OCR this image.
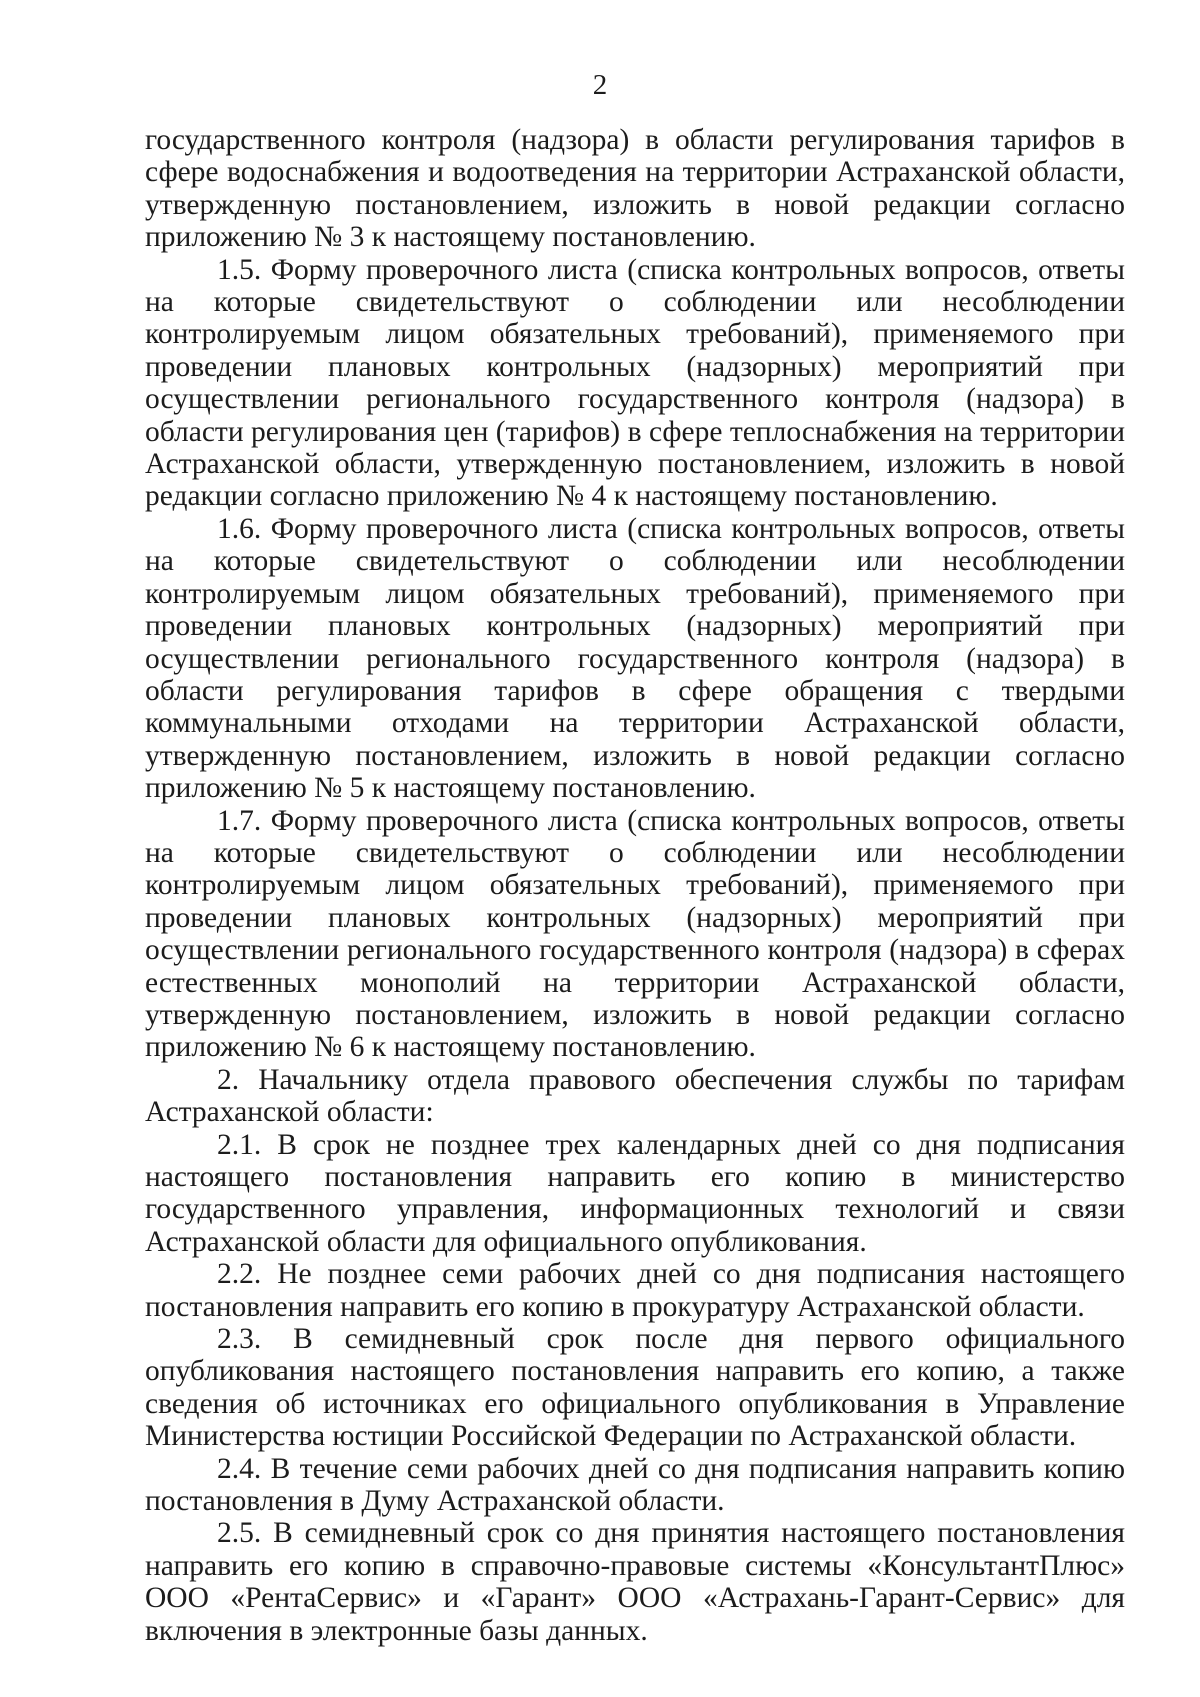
2

государственного контроля (надзора) в области регулирования тарифов в сфере водоснабжения и водоотведения на территории Астраханской области, утвержденную постановлением, изложить в новой редакции согласно приложению № 3 к настоящему постановлению.

1.5. Форму проверочного листа (списка контрольных вопросов, ответы на которые свидетельствуют о соблюдении или несоблюдении контролируемым лицом обязательных требований), применяемого при проведении плановых контрольных (надзорных) мероприятий при осуществлении регионального государственного контроля (надзора) в области регулирования цен (тарифов) в сфере теплоснабжения на территории Астраханской области, утвержденную постановлением, изложить в новой редакции согласно приложению № 4 к настоящему постановлению.

1.6. Форму проверочного листа (списка контрольных вопросов, ответы на которые свидетельствуют о соблюдении или несоблюдении контролируемым лицом обязательных требований), применяемого при проведении плановых контрольных (надзорных) мероприятий при осуществлении регионального государственного контроля (надзора) в области регулирования тарифов в сфере обращения с твердыми коммунальными отходами на территории Астраханской области, утвержденную постановлением, изложить в новой редакции согласно приложению № 5 к настоящему постановлению.

1.7. Форму проверочного листа (списка контрольных вопросов, ответы на которые свидетельствуют о соблюдении или несоблюдении контролируемым лицом обязательных требований), применяемого при проведении плановых контрольных (надзорных) мероприятий при осуществлении регионального государственного контроля (надзора) в сферах естественных монополий на территории Астраханской области, утвержденную постановлением, изложить в новой редакции согласно приложению № 6 к настоящему постановлению.

2. Начальнику отдела правового обеспечения службы по тарифам Астраханской области:

2.1. В срок не позднее трех календарных дней со дня подписания настоящего постановления направить его копию в министерство государственного управления, информационных технологий и связи Астраханской области для официального опубликования.

2.2. Не позднее семи рабочих дней со дня подписания настоящего постановления направить его копию в прокуратуру Астраханской области.

2.3. В семидневный срок после дня первого официального опубликования настоящего постановления направить его копию, а также сведения об источниках его официального опубликования в Управление Министерства юстиции Российской Федерации по Астраханской области.

2.4. В течение семи рабочих дней со дня подписания направить копию постановления в Думу Астраханской области.

2.5. В семидневный срок со дня принятия настоящего постановления направить его копию в справочно-правовые системы «КонсультантПлюс» ООО «РентаСервис» и «Гарант» ООО «Астрахань-Гарант-Сервис» для включения в электронные базы данных.
